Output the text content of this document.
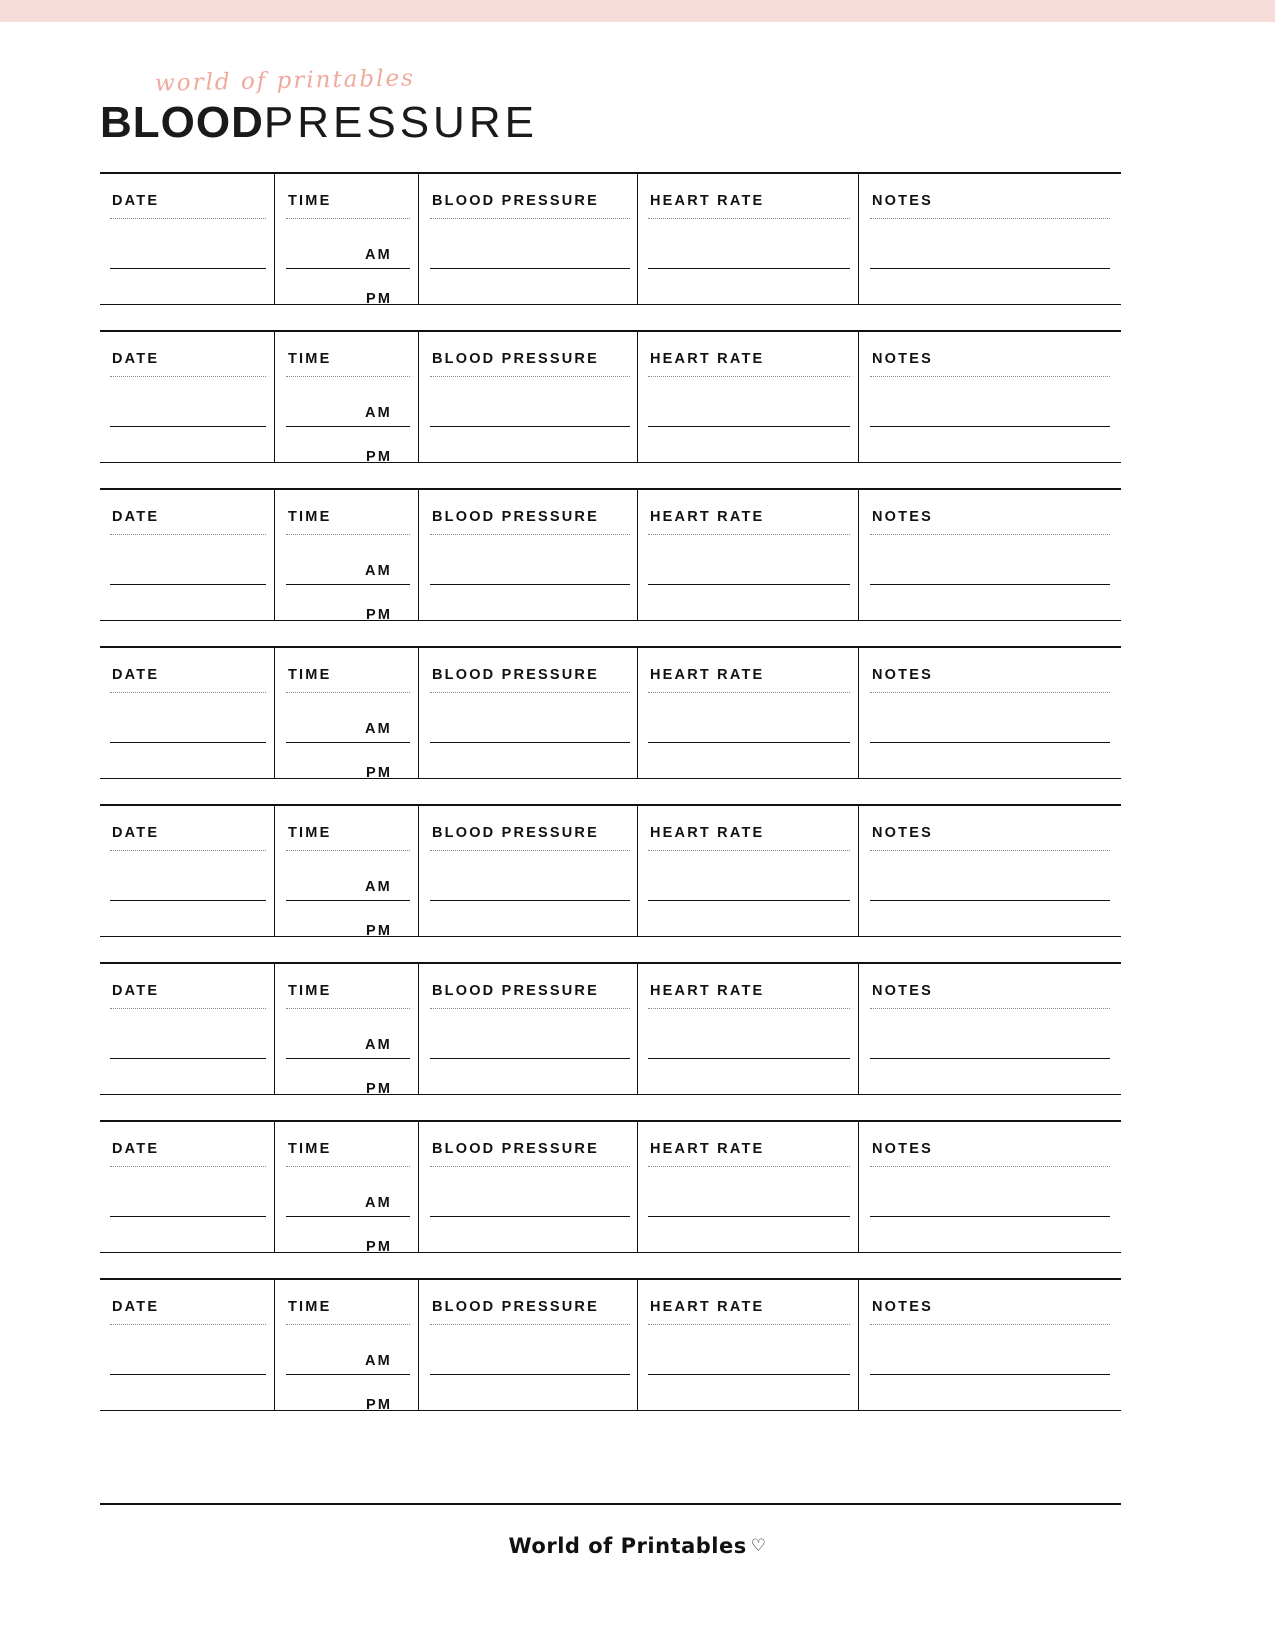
world of printables
BLOODPRESSURE
DATE	TIME	BLOOD PRESSURE	HEART RATE	NOTES
AM
PM
DATE	TIME	BLOOD PRESSURE	HEART RATE	NOTES
AM
PM
DATE	TIME	BLOOD PRESSURE	HEART RATE	NOTES
AM
PM
DATE	TIME	BLOOD PRESSURE	HEART RATE	NOTES
AM
PM
DATE	TIME	BLOOD PRESSURE	HEART RATE	NOTES
AM
PM
DATE	TIME	BLOOD PRESSURE	HEART RATE	NOTES
AM
PM
DATE	TIME	BLOOD PRESSURE	HEART RATE	NOTES
AM
PM
DATE	TIME	BLOOD PRESSURE	HEART RATE	NOTES
AM
PM
World of Printables ♡
